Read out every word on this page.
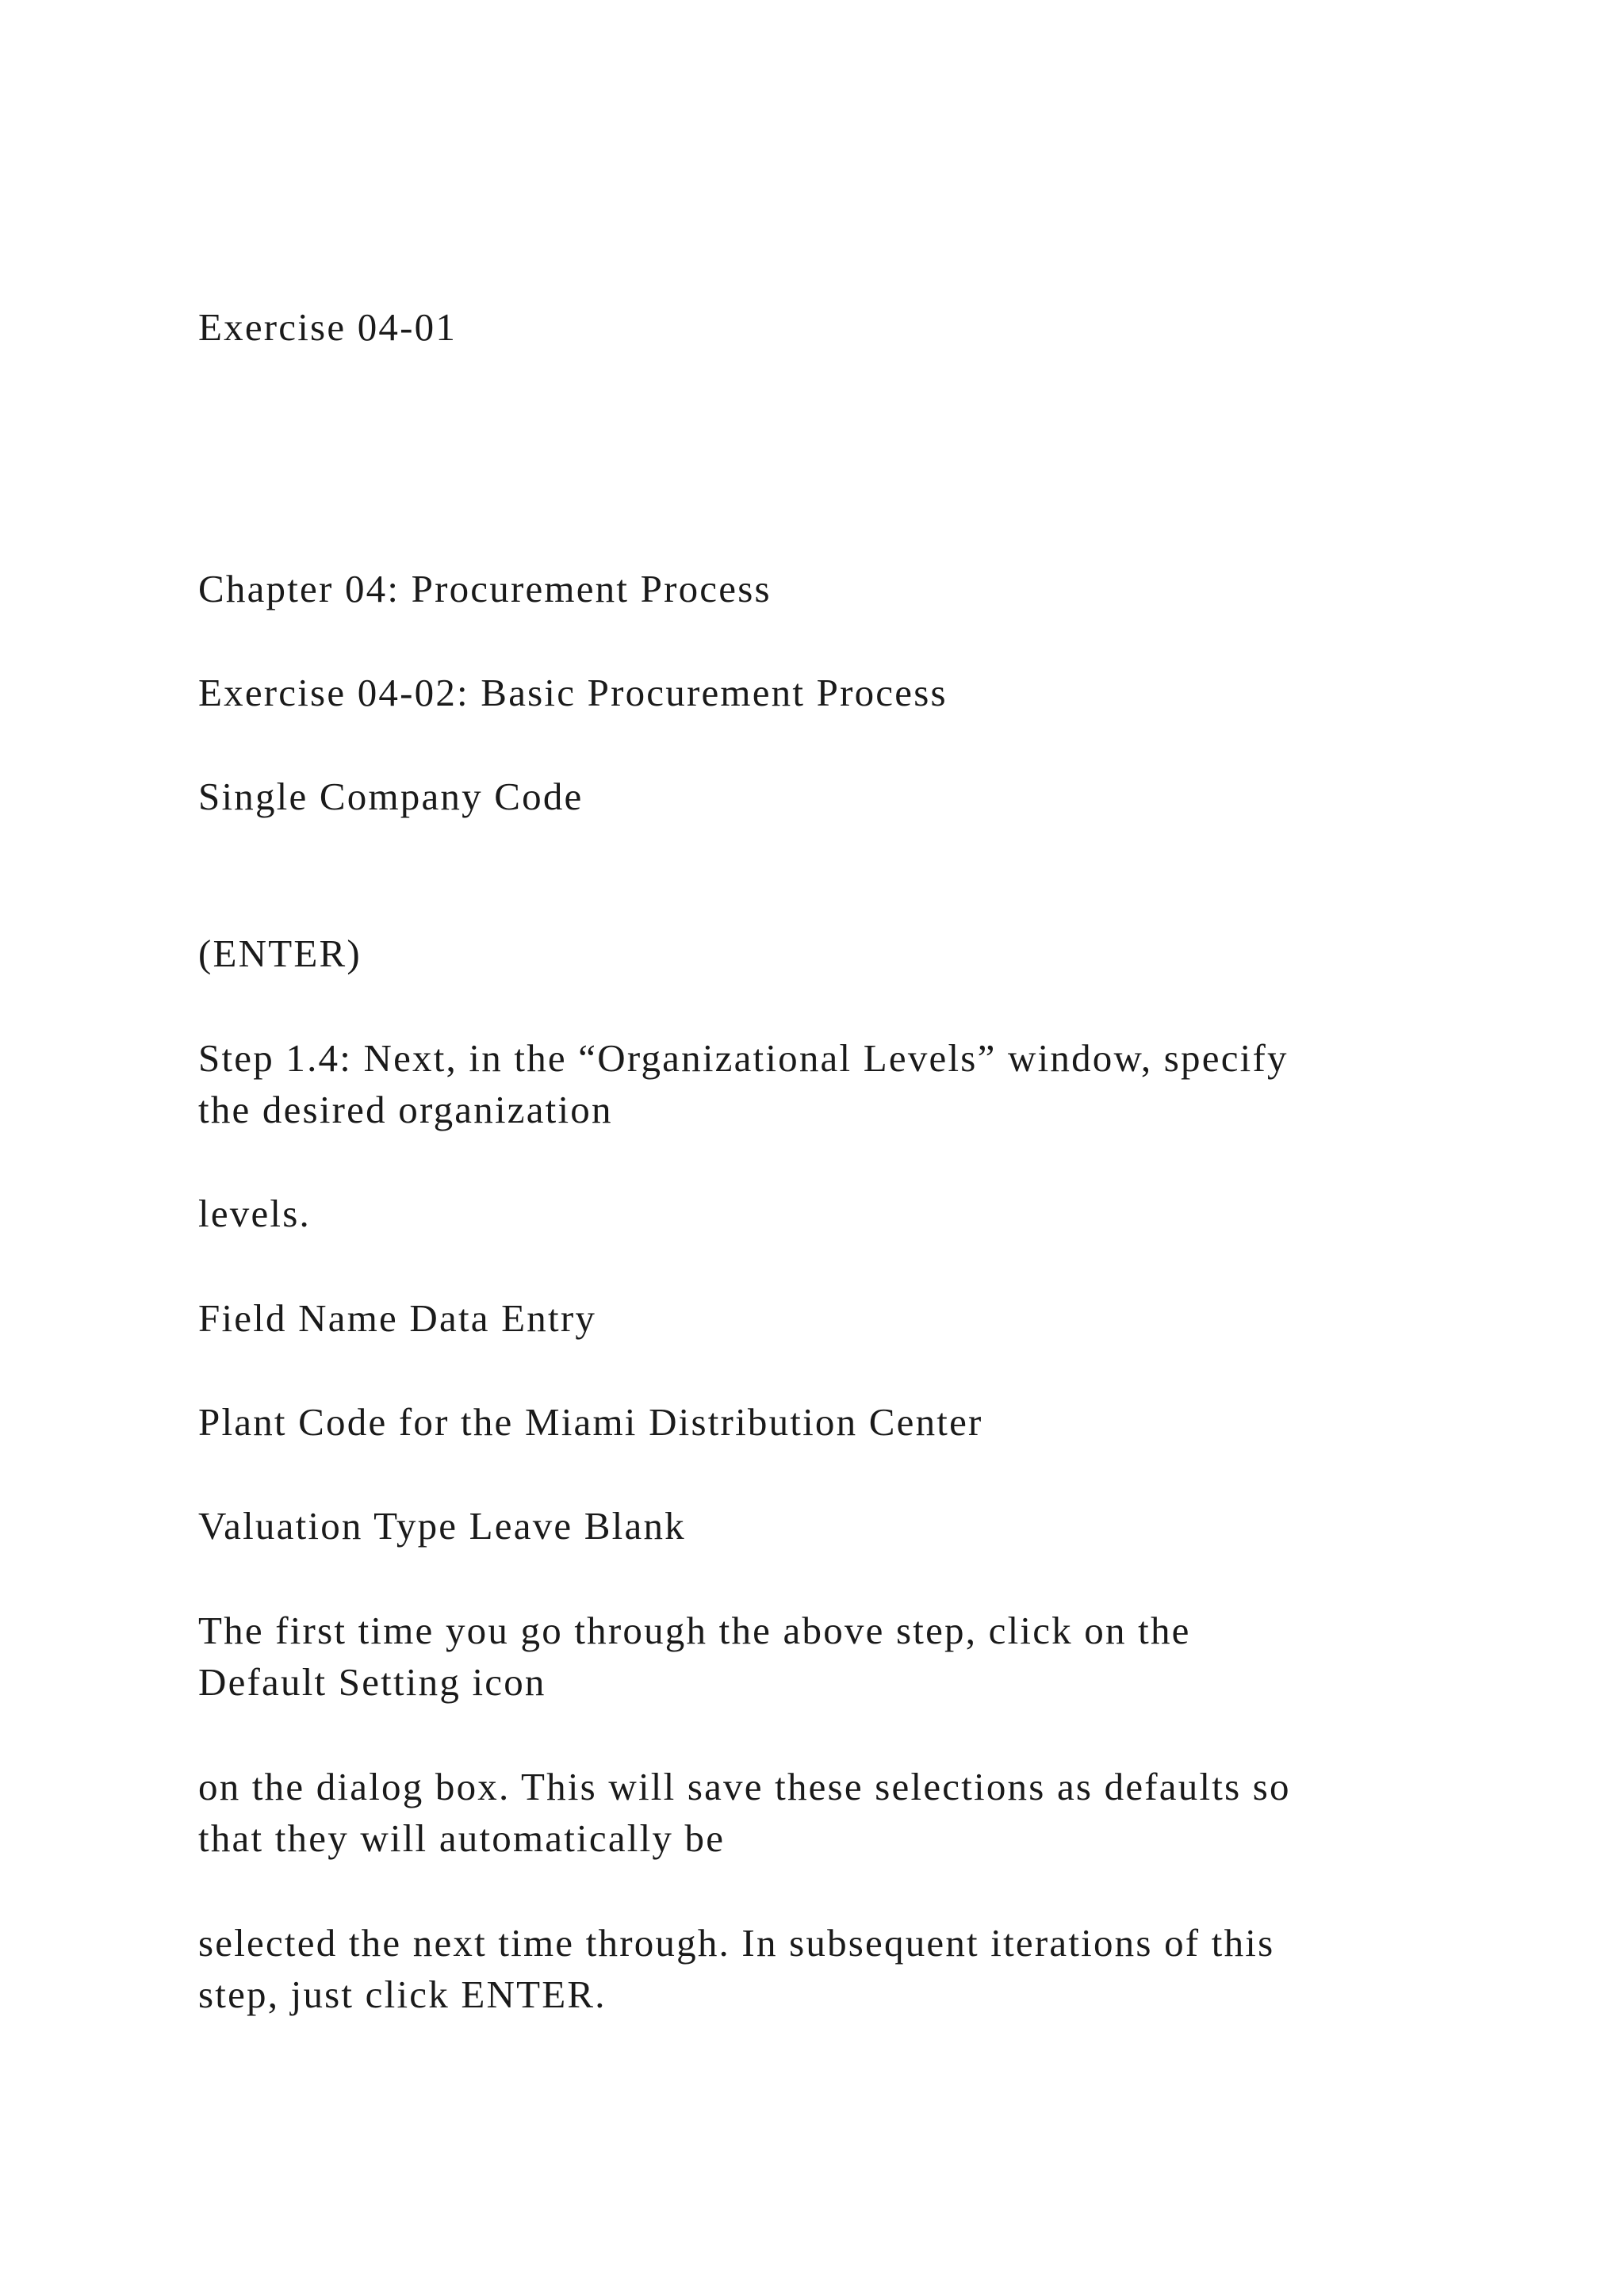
Exercise 04-01
Chapter 04: Procurement Process
Exercise 04-02: Basic Procurement Process
Single Company Code
(ENTER)
Step 1.4: Next, in the “Organizational Levels” window, specify
the desired organization
levels.
Field Name Data Entry
Plant Code for the Miami Distribution Center
Valuation Type Leave Blank
The first time you go through the above step, click on the
Default Setting icon
on the dialog box. This will save these selections as defaults so
that they will automatically be
selected the next time through. In subsequent iterations of this
step, just click ENTER.
